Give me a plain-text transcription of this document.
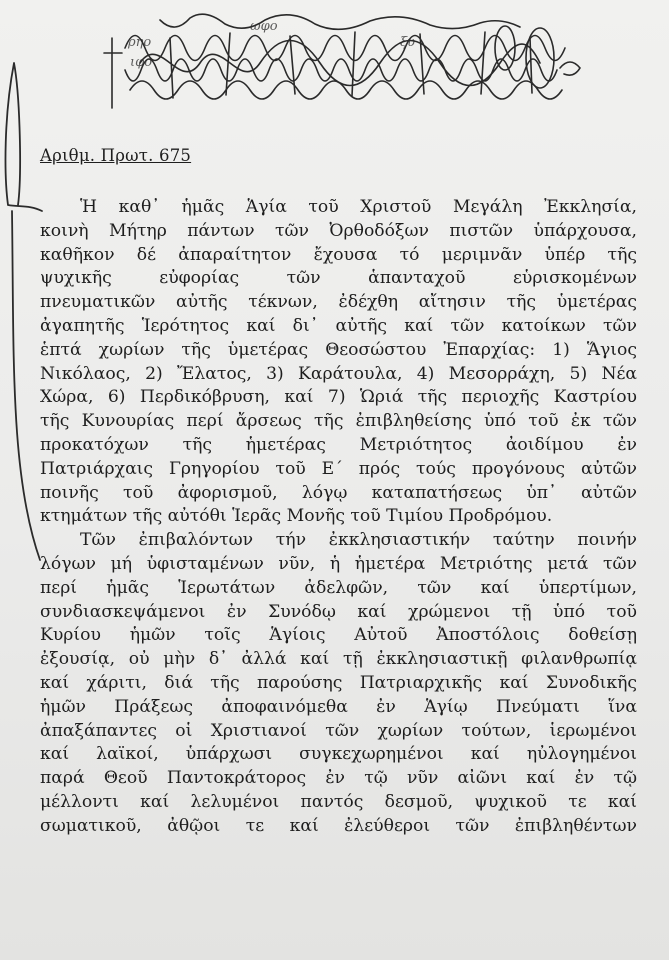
ρηο
ιφο
ωφο
ξυ
Αριθμ. Πρωτ. 675
Ἡ καθ᾽ ἡμᾶς Ἁγία τοῦ Χριστοῦ Μεγάλη Ἐκκλησία,
κοινὴ Μήτηρ πάντων τῶν Ὀρθοδόξων πιστῶν ὑπάρχουσα,
καθῆκον δέ ἀπαραίτητον ἔχουσα τό μεριμνᾶν ὑπέρ τῆς
ψυχικῆς εὐφορίας τῶν ἁπανταχοῦ εὑρισκομένων
πνευματικῶν αὐτῆς τέκνων, ἐδέχθη αἴτησιν τῆς ὑμετέρας
ἀγαπητῆς Ἱερότητος καί δι᾽ αὐτῆς καί τῶν κατοίκων τῶν
ἑπτά χωρίων τῆς ὑμετέρας Θεοσώστου Ἐπαρχίας: 1) Ἅγιος
Νικόλαος, 2) Ἔλατος, 3) Καράτουλα, 4) Μεσορράχη, 5) Νέα
Χώρα, 6) Περδικόβρυση, καί 7) Ὡριά τῆς περιοχῆς Καστρίου
τῆς Κυνουρίας περί ἄρσεως τῆς ἐπιβληθείσης ὑπό τοῦ ἐκ τῶν
προκατόχων τῆς ἡμετέρας Μετριότητος ἀοιδίμου ἐν
Πατριάρχαις Γρηγορίου τοῦ Ε΄ πρός τούς προγόνους αὐτῶν
ποινῆς τοῦ ἀφορισμοῦ, λόγῳ καταπατήσεως ὑπ᾽ αὐτῶν
κτημάτων τῆς αὐτόθι Ἱερᾶς Μονῆς τοῦ Τιμίου Προδρόμου.
Τῶν ἐπιβαλόντων τήν ἐκκλησιαστικήν ταύτην ποινήν
λόγων μή ὑφισταμένων νῦν, ἡ ἡμετέρα Μετριότης μετά τῶν
περί ἡμᾶς Ἱερωτάτων ἀδελφῶν, τῶν καί ὑπερτίμων,
συνδιασκεψάμενοι ἐν Συνόδῳ καί χρώμενοι τῇ ὑπό τοῦ
Κυρίου ἡμῶν τοῖς Ἁγίοις Αὐτοῦ Ἀποστόλοις δοθείσῃ
ἐξουσίᾳ, οὐ μὴν δ᾽ ἀλλά καί τῇ ἐκκλησιαστικῇ φιλανθρωπίᾳ
καί χάριτι, διά τῆς παρούσης Πατριαρχικῆς καί Συνοδικῆς
ἡμῶν Πράξεως ἀποφαινόμεθα ἐν Ἁγίῳ Πνεύματι ἵνα
ἀπαξάπαντες οἱ Χριστιανοί τῶν χωρίων τούτων, ἱερωμένοι
καί λαϊκοί, ὑπάρχωσι συγκεχωρημένοι καί ηὐλογημένοι
παρά Θεοῦ Παντοκράτορος ἐν τῷ νῦν αἰῶνι καί ἐν τῷ
μέλλοντι καί λελυμένοι παντός δεσμοῦ, ψυχικοῦ τε καί
σωματικοῦ, ἀθῷοι τε καί ἐλεύθεροι τῶν ἐπιβληθέντων
